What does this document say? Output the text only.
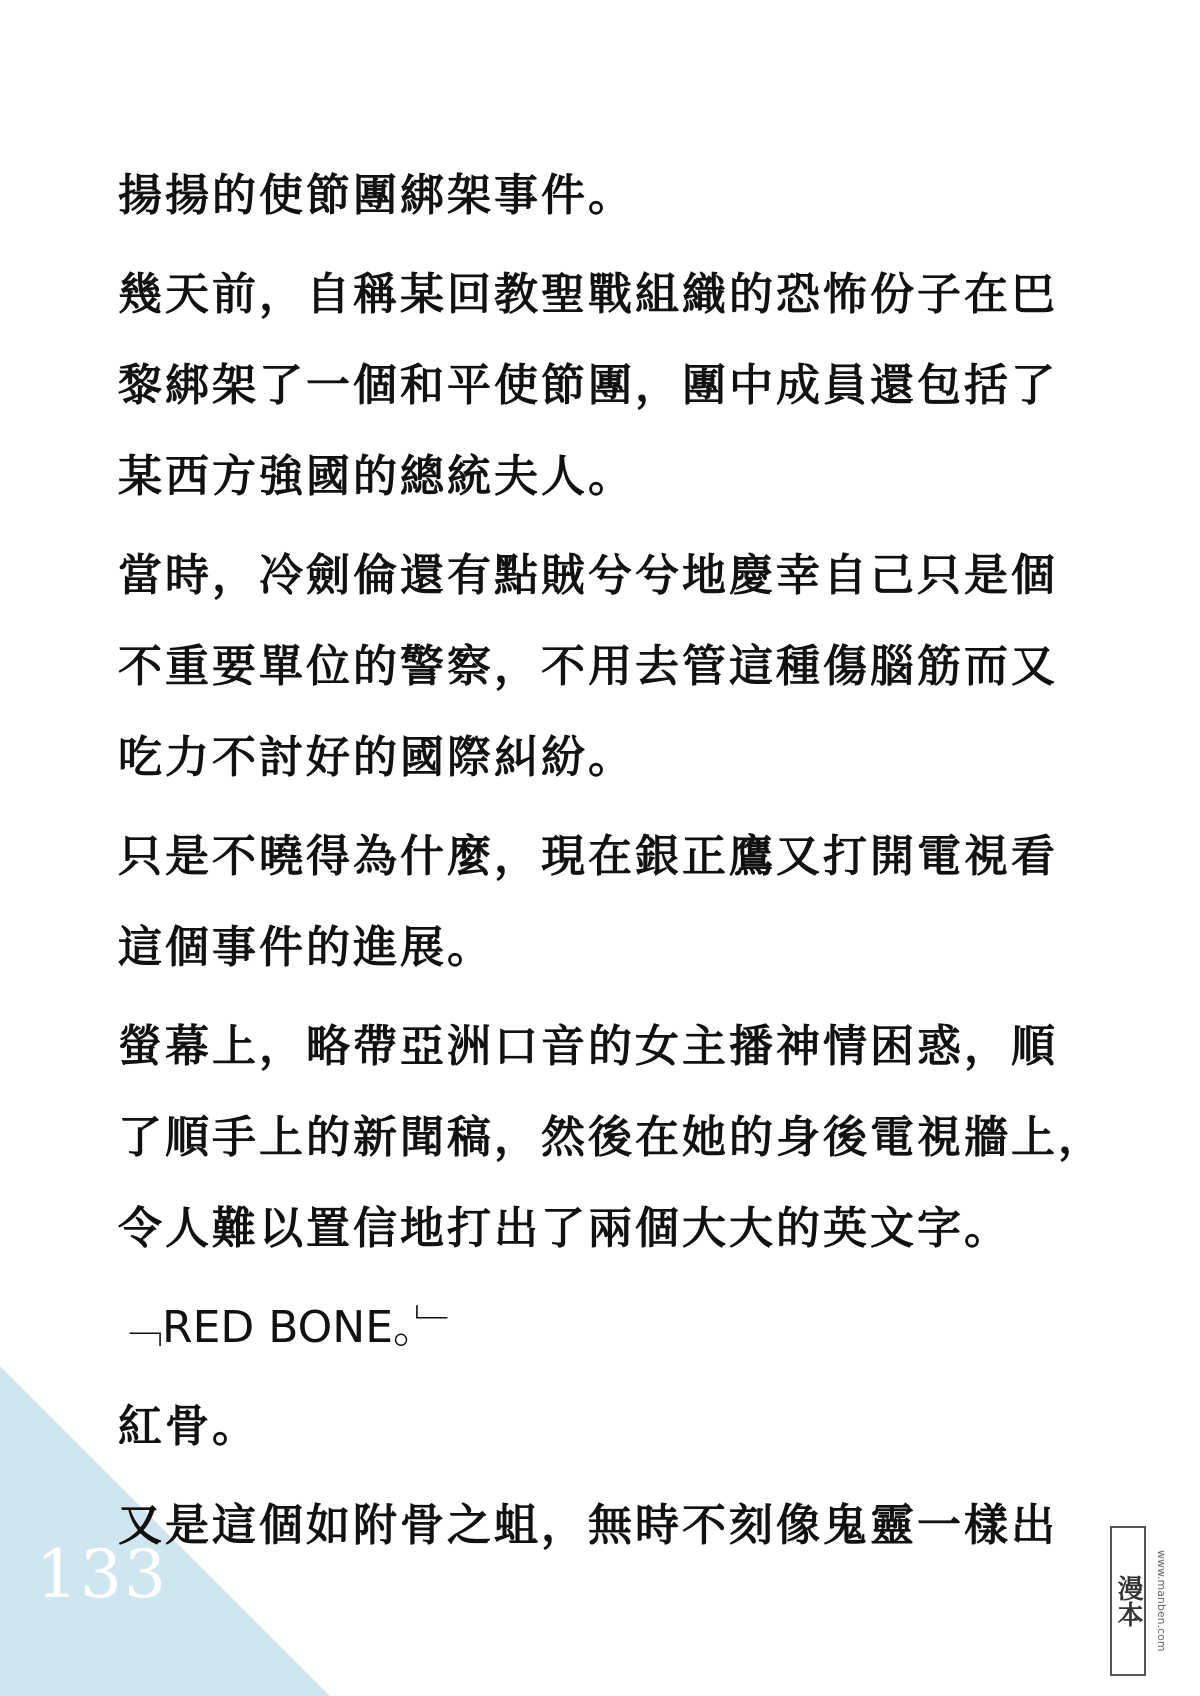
揚揚的使節團綁架事件。

幾天前，自稱某回教聖戰組織的恐怖份子在巴
黎綁架了一個和平使節團，團中成員還包括了
某西方強國的總統夫人。

當時，冷劍倫還有點賊兮兮地慶幸自己只是個
不重要單位的警察，不用去管這種傷腦筋而又
吃力不討好的國際糾紛。

只是不曉得為什麼，現在銀正鷹又打開電視看
這個事件的進展。

螢幕上，略帶亞洲口音的女主播神情困惑，順
了順手上的新聞稿，然後在她的身後電視牆上，
令人難以置信地打出了兩個大大的英文字。

﹁RED BONE。﹂

紅骨。

又是這個如附骨之蛆，無時不刻像鬼靈一樣出

133	漫本	www.manben.com
